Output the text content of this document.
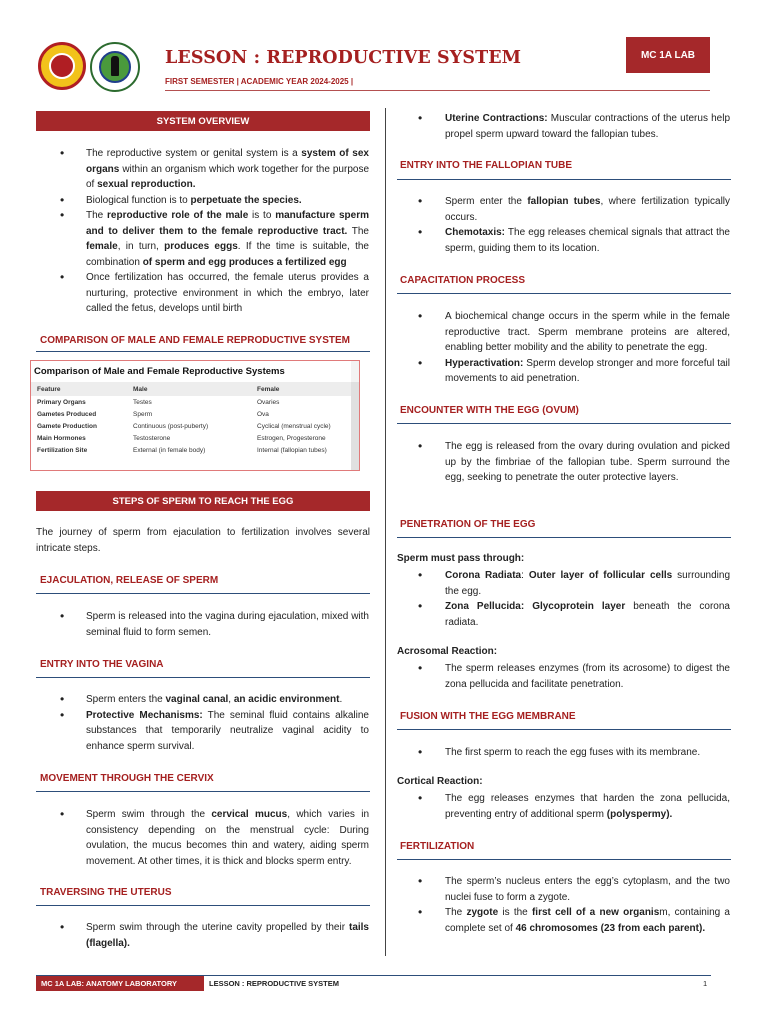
LESSON : REPRODUCTIVE SYSTEM
FIRST SEMESTER | ACADEMIC YEAR 2024-2025 |
MC 1A LAB
SYSTEM OVERVIEW
• The reproductive system or genital system is a system of sex organs within an organism which work together for the purpose of sexual reproduction.
• Biological function is to perpetuate the species.
• The reproductive role of the male is to manufacture sperm and to deliver them to the female reproductive tract. The female, in turn, produces eggs. If the time is suitable, the combination of sperm and egg produces a fertilized egg
• Once fertilization has occurred, the female uterus provides a nurturing, protective environment in which the embryo, later called the fetus, develops until birth
COMPARISON OF MALE AND FEMALE REPRODUCTIVE SYSTEM
Comparison of Male and Female Reproductive Systems
Feature	Male	Female
Primary Organs	Testes	Ovaries
Gametes Produced	Sperm	Ova
Gamete Production	Continuous (post-puberty)	Cyclical (menstrual cycle)
Main Hormones	Testosterone	Estrogen, Progesterone
Fertilization Site	External (in female body)	Internal (fallopian tubes)
STEPS OF SPERM TO REACH THE EGG
The journey of sperm from ejaculation to fertilization involves several intricate steps.
EJACULATION, RELEASE OF SPERM
• Sperm is released into the vagina during ejaculation, mixed with seminal fluid to form semen.
ENTRY INTO THE VAGINA
• Sperm enters the vaginal canal, an acidic environment.
• Protective Mechanisms: The seminal fluid contains alkaline substances that temporarily neutralize vaginal acidity to enhance sperm survival.
MOVEMENT THROUGH THE CERVIX
• Sperm swim through the cervical mucus, which varies in consistency depending on the menstrual cycle: During ovulation, the mucus becomes thin and watery, aiding sperm movement. At other times, it is thick and blocks sperm entry.
TRAVERSING THE UTERUS
• Sperm swim through the uterine cavity propelled by their tails (flagella).
• Uterine Contractions: Muscular contractions of the uterus help propel sperm upward toward the fallopian tubes.
ENTRY INTO THE FALLOPIAN TUBE
• Sperm enter the fallopian tubes, where fertilization typically occurs.
• Chemotaxis: The egg releases chemical signals that attract the sperm, guiding them to its location.
CAPACITATION PROCESS
• A biochemical change occurs in the sperm while in the female reproductive tract. Sperm membrane proteins are altered, enabling better mobility and the ability to penetrate the egg.
• Hyperactivation: Sperm develop stronger and more forceful tail movements to aid penetration.
ENCOUNTER WITH THE EGG (OVUM)
• The egg is released from the ovary during ovulation and picked up by the fimbriae of the fallopian tube. Sperm surround the egg, seeking to penetrate the outer protective layers.
PENETRATION OF THE EGG
Sperm must pass through:
• Corona Radiata: Outer layer of follicular cells surrounding the egg.
• Zona Pellucida: Glycoprotein layer beneath the corona radiata.
Acrosomal Reaction:
• The sperm releases enzymes (from its acrosome) to digest the zona pellucida and facilitate penetration.
FUSION WITH THE EGG MEMBRANE
• The first sperm to reach the egg fuses with its membrane.
Cortical Reaction:
• The egg releases enzymes that harden the zona pellucida, preventing entry of additional sperm (polyspermy).
FERTILIZATION
• The sperm’s nucleus enters the egg’s cytoplasm, and the two nuclei fuse to form a zygote.
• The zygote is the first cell of a new organism, containing a complete set of 46 chromosomes (23 from each parent).
MC 1A LAB: ANATOMY LABORATORY	LESSON : REPRODUCTIVE SYSTEM	1
